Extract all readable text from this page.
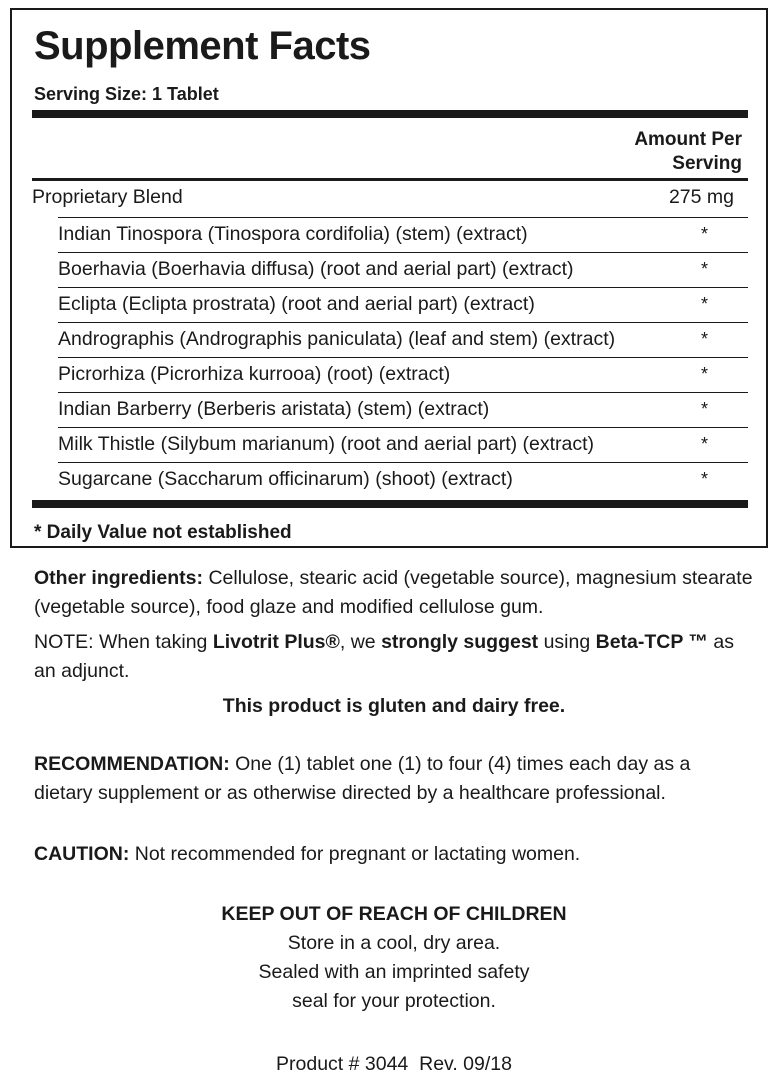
Supplement Facts
Serving Size: 1 Tablet
Amount Per
Serving
Proprietary Blend	275 mg
Indian Tinospora (Tinospora cordifolia) (stem) (extract)	*
Boerhavia (Boerhavia diffusa) (root and aerial part) (extract)	*
Eclipta (Eclipta prostrata) (root and aerial part) (extract)	*
Andrographis (Andrographis paniculata) (leaf and stem) (extract)	*
Picrorhiza (Picrorhiza kurrooa) (root) (extract)	*
Indian Barberry (Berberis aristata) (stem) (extract)	*
Milk Thistle (Silybum marianum) (root and aerial part) (extract)	*
Sugarcane (Saccharum officinarum) (shoot) (extract)	*
* Daily Value not established
Other ingredients: Cellulose, stearic acid (vegetable source), magnesium stearate (vegetable source), food glaze and modified cellulose gum.
NOTE: When taking Livotrit Plus®, we strongly suggest using Beta-TCP ™ as an adjunct.
This product is gluten and dairy free.
RECOMMENDATION: One (1) tablet one (1) to four (4) times each day as a dietary supplement or as otherwise directed by a healthcare professional.
CAUTION: Not recommended for pregnant or lactating women.
KEEP OUT OF REACH OF CHILDREN
Store in a cool, dry area.
Sealed with an imprinted safety
seal for your protection.
Product # 3044  Rev. 09/18
